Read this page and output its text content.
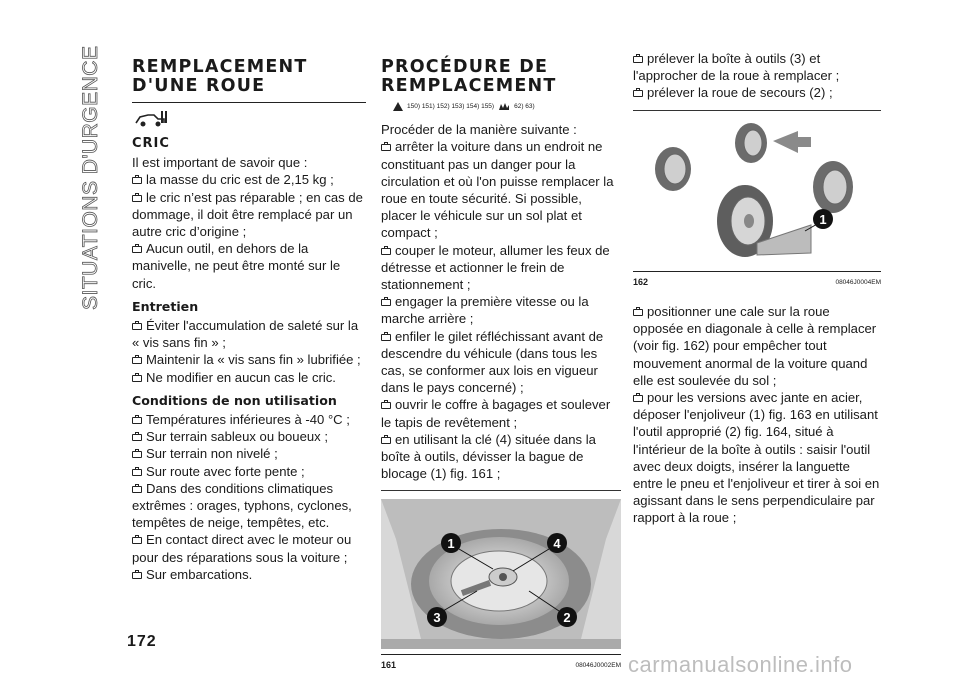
SITUATIONS D'URGENCE	REMPLACEMENT
D'UNE ROUE
CRIC

Il est important de savoir que :

la masse du cric est de 2,15 kg ;
le cric n’est pas réparable ; en cas de dommage, il doit être remplacé par un autre cric d’origine ;
Aucun outil, en dehors de la manivelle, ne peut être monté sur le cric.
Entretien
Éviter l'accumulation de saleté sur la « vis sans fin » ;
Maintenir la « vis sans fin » lubrifiée ;
Ne modifier en aucun cas le cric.
Conditions de non utilisation
Températures inférieures à -40 °C ;
Sur terrain sableux ou boueux ;
Sur terrain non nivelé ;
Sur route avec forte pente ;
Dans des conditions climatiques extrêmes : orages, typhons, cyclones, tempêtes de neige, tempêtes, etc.
En contact direct avec le moteur ou pour des réparations sous la voiture ;
Sur embarcations.
PROCÉDURE DE
REMPLACEMENT
150) 151) 152) 153) 154) 155)	62) 63)

Procéder de la manière suivante :

arrêter la voiture dans un endroit ne constituant pas un danger pour la circulation et où l'on puisse remplacer la roue en toute sécurité. Si possible, placer le véhicule sur un sol plat et compact ;
couper le moteur, allumer les feux de détresse et actionner le frein de stationnement ;
engager la première vitesse ou la marche arrière ;
enfiler le gilet réfléchissant avant de descendre du véhicule (dans tous les cas, se conformer aux lois en vigueur dans le pays concerné) ;
ouvrir le coffre à bagages et soulever le tapis de revêtement ;
en utilisant la clé (4) située dans la boîte à outils, dévisser la bague de blocage (1) fig. 161 ;
1	4
3	2
161	08046J0002EM
prélever la boîte à outils (3) et l'approcher de la roue à remplacer ;
prélever la roue de secours (2) ;
1
162	08046J0004EM
positionner une cale sur la roue opposée en diagonale à celle à remplacer (voir fig. 162) pour empêcher tout mouvement anormal de la voiture quand elle est soulevée du sol ;
pour les versions avec jante en acier, déposer l'enjoliveur (1) fig. 163 en utilisant l'outil approprié (2) fig. 164, situé à l'intérieur de la boîte à outils : saisir l'outil avec deux doigts, insérer la languette entre le pneu et l'enjoliveur et tirer à soi en agissant dans le sens perpendiculaire par rapport à la roue ;
172
carmanualsonline.info
